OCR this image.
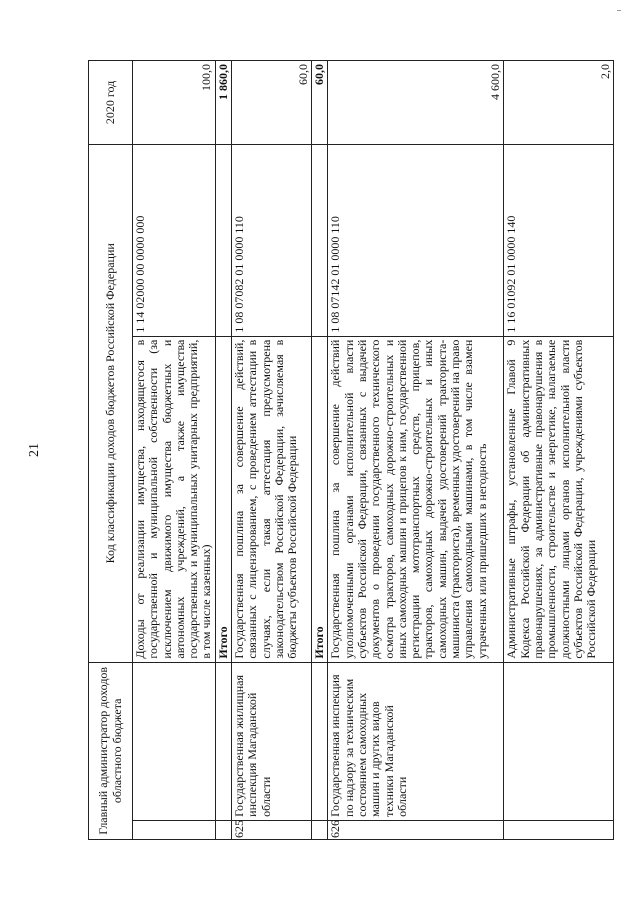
21
Главный администратор доходов областного бюджета		Код классификации доходов бюджетов Российской Федерации		2020 год
		Доходы от реализации имущества, находящегося в государственной и муниципальной собственности (за исключением движимого имущества бюджетных и автономных учреждений, а также имущества государственных и муниципальных унитарных предприятий, в том числе казенных)	1 14 02000 00 0000 000	100,0
		Итого		1 860,0
625	Государственная жилищная инспекция Магаданской области	Государственная пошлина за совершение действий, связанных с лицензированием, с проведением аттестации в случаях, если такая аттестация предусмотрена законодательством Российской Федерации, зачисляемая в бюджеты субъектов Российской Федерации	1 08 07082 01 0000 110	60,0
		Итого		60,0
626	Государственная инспекция по надзору за техническим состоянием самоходных машин и других видов техники Магаданской области	Государственная пошлина за совершение действий уполномоченными органами исполнительной власти субъектов Российской Федерации, связанных с выдачей документов о проведении государственного технического осмотра тракторов, самоходных дорожно-строительных и иных самоходных машин и прицепов к ним, государственной регистрации мототранспортных средств, прицепов, тракторов, самоходных дорожно-строительных и иных самоходных машин, выдачей удостоверений тракториста-машиниста (тракториста), временных удостоверений на право управления самоходными машинами, в том числе взамен утраченных или пришедших в негодность	1 08 07142 01 0000 110	4 600,0
		Административные штрафы, установленные Главой 9 Кодекса Российской Федерации об административных правонарушениях, за административные правонарушения в промышленности, строительстве и энергетике, налагаемые должностными лицами органов исполнительной власти субъектов Российской Федерации, учреждениями субъектов Российской Федерации	1 16 01092 01 0000 140	2,0
